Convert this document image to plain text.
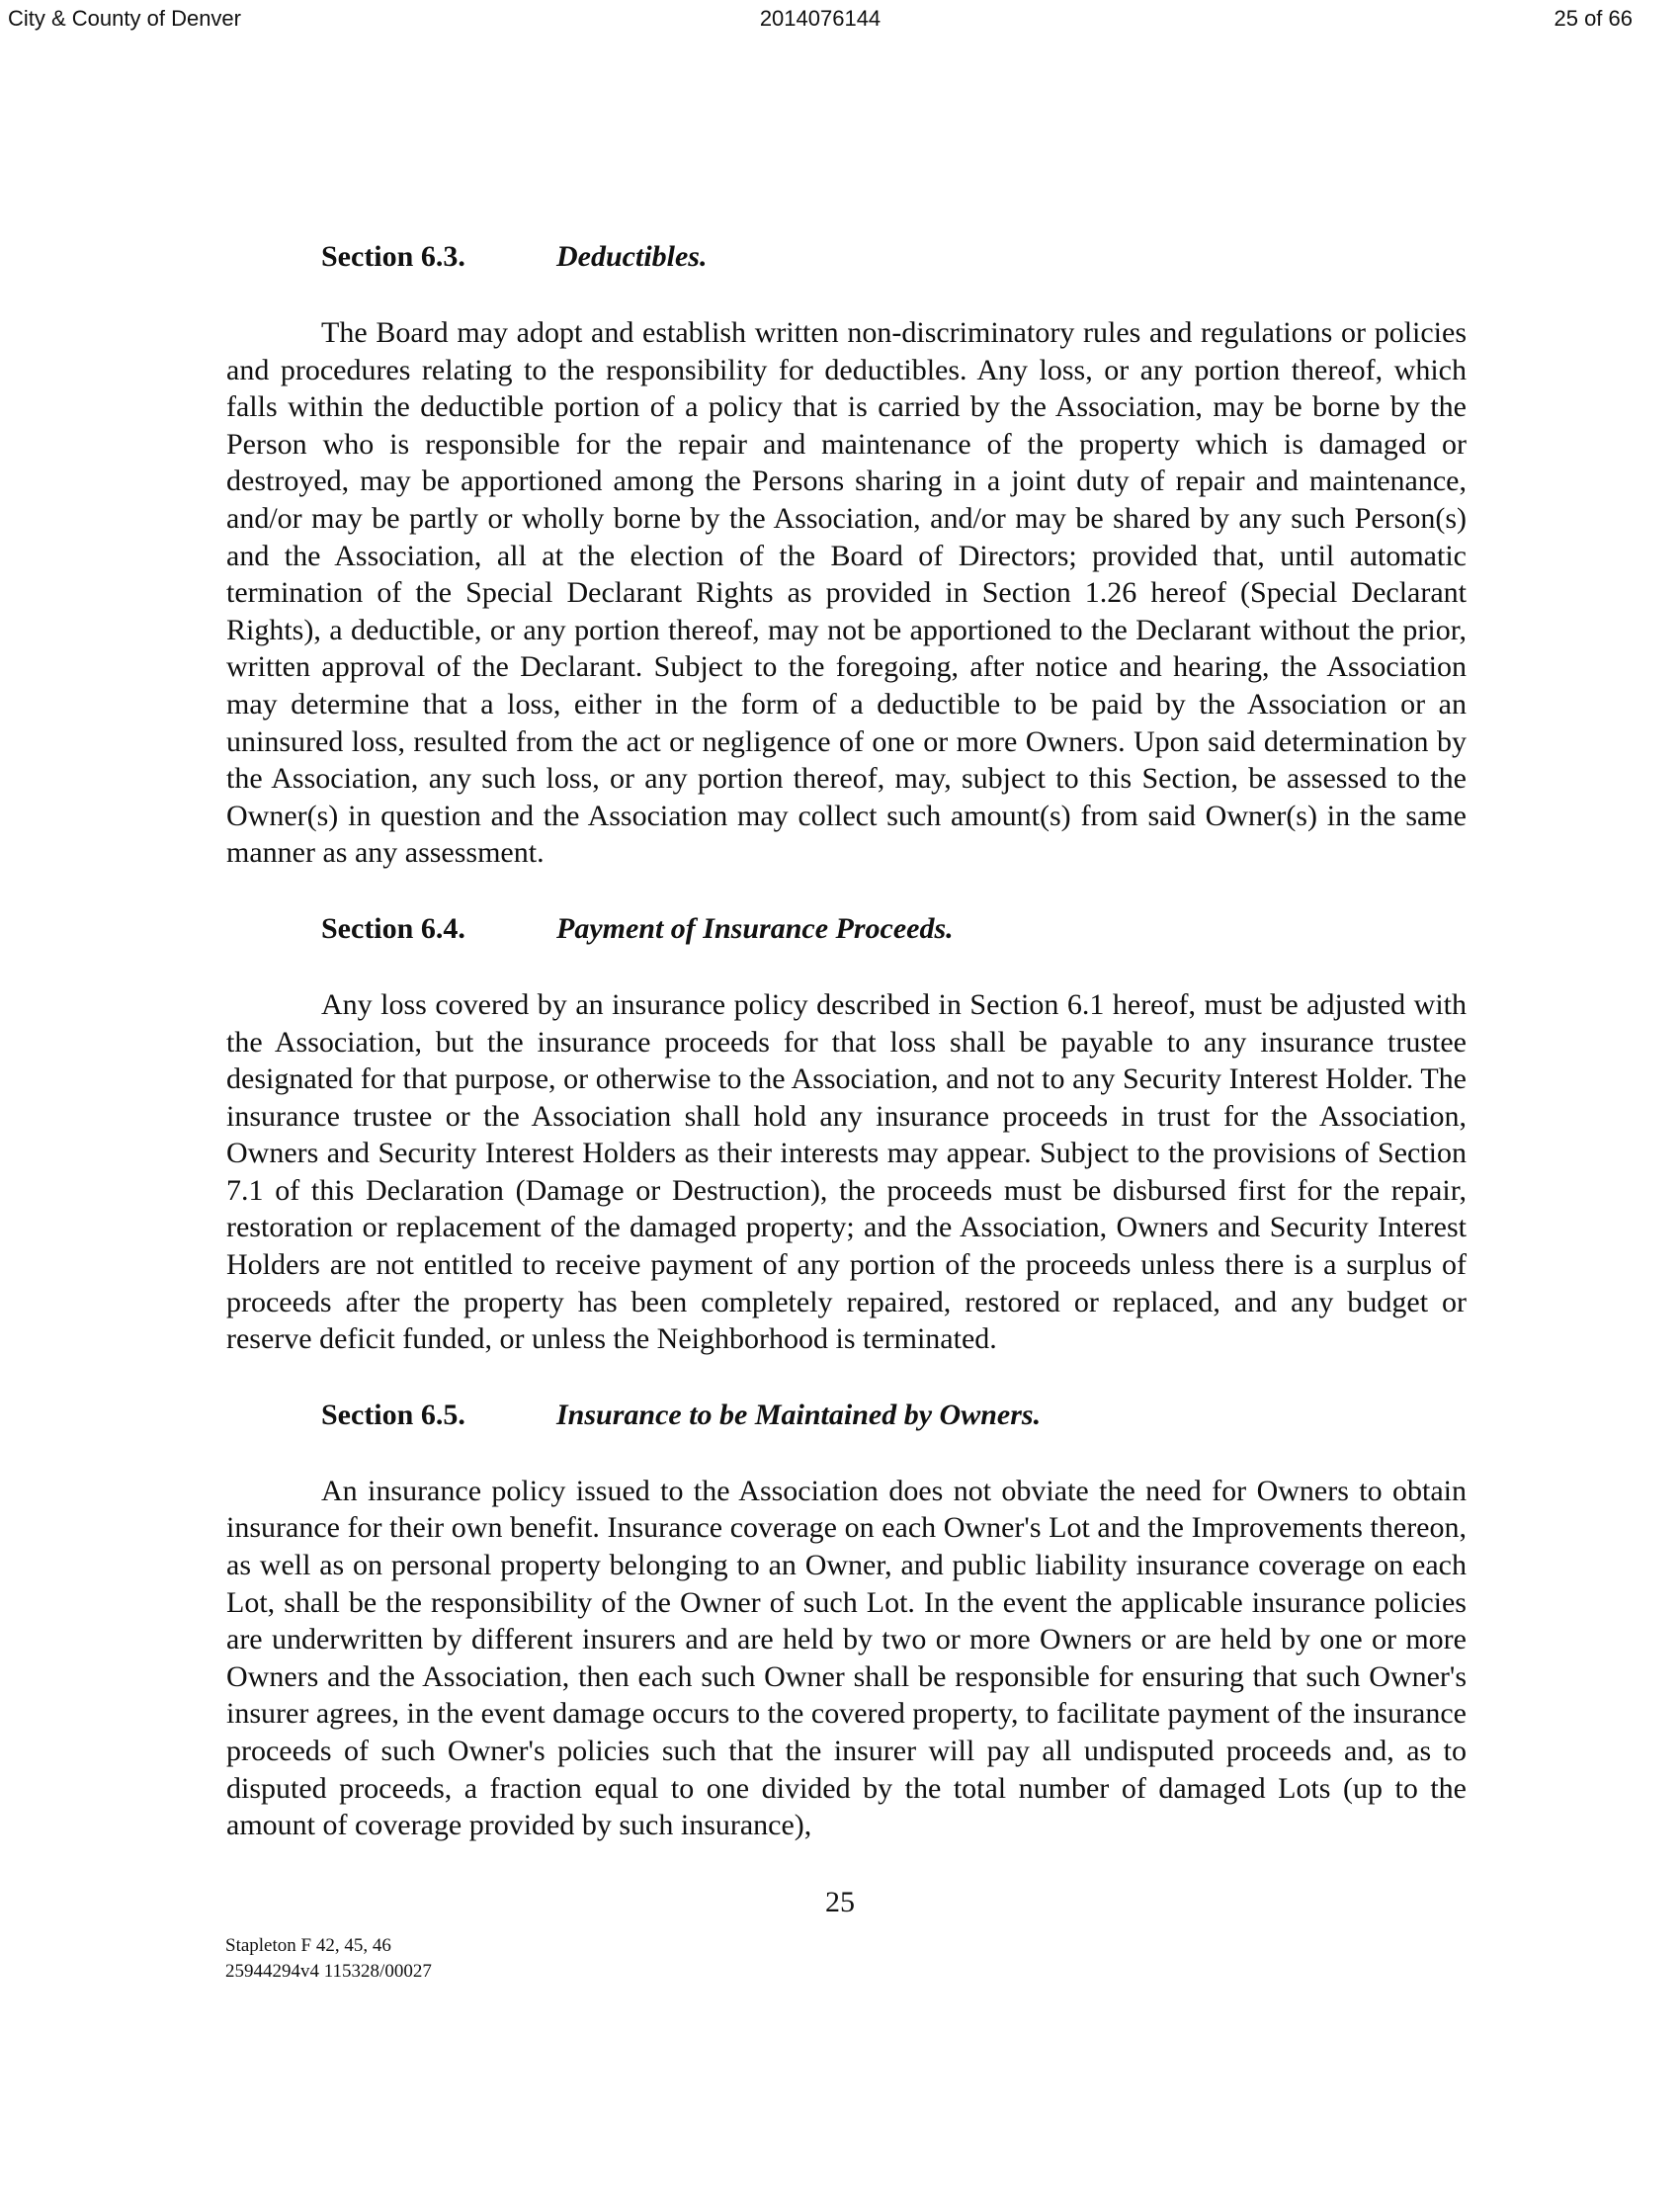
City & County of Denver	2014076144	25 of 66
Section 6.3.	Deductibles.

The Board may adopt and establish written non-discriminatory rules and regulations or policies and procedures relating to the responsibility for deductibles. Any loss, or any portion thereof, which falls within the deductible portion of a policy that is carried by the Association, may be borne by the Person who is responsible for the repair and maintenance of the property which is damaged or destroyed, may be apportioned among the Persons sharing in a joint duty of repair and maintenance, and/or may be partly or wholly borne by the Association, and/or may be shared by any such Person(s) and the Association, all at the election of the Board of Directors; provided that, until automatic termination of the Special Declarant Rights as provided in Section 1.26 hereof (Special Declarant Rights), a deductible, or any portion thereof, may not be apportioned to the Declarant without the prior, written approval of the Declarant. Subject to the foregoing, after notice and hearing, the Association may determine that a loss, either in the form of a deductible to be paid by the Association or an uninsured loss, resulted from the act or negligence of one or more Owners. Upon said determination by the Association, any such loss, or any portion thereof, may, subject to this Section, be assessed to the Owner(s) in question and the Association may collect such amount(s) from said Owner(s) in the same manner as any assessment.

Section 6.4.	Payment of Insurance Proceeds.

Any loss covered by an insurance policy described in Section 6.1 hereof, must be adjusted with the Association, but the insurance proceeds for that loss shall be payable to any insurance trustee designated for that purpose, or otherwise to the Association, and not to any Security Interest Holder. The insurance trustee or the Association shall hold any insurance proceeds in trust for the Association, Owners and Security Interest Holders as their interests may appear. Subject to the provisions of Section 7.1 of this Declaration (Damage or Destruction), the proceeds must be disbursed first for the repair, restoration or replacement of the damaged property; and the Association, Owners and Security Interest Holders are not entitled to receive payment of any portion of the proceeds unless there is a surplus of proceeds after the property has been completely repaired, restored or replaced, and any budget or reserve deficit funded, or unless the Neighborhood is terminated.

Section 6.5.	Insurance to be Maintained by Owners.

An insurance policy issued to the Association does not obviate the need for Owners to obtain insurance for their own benefit. Insurance coverage on each Owner's Lot and the Improvements thereon, as well as on personal property belonging to an Owner, and public liability insurance coverage on each Lot, shall be the responsibility of the Owner of such Lot. In the event the applicable insurance policies are underwritten by different insurers and are held by two or more Owners or are held by one or more Owners and the Association, then each such Owner shall be responsible for ensuring that such Owner's insurer agrees, in the event damage occurs to the covered property, to facilitate payment of the insurance proceeds of such Owner's policies such that the insurer will pay all undisputed proceeds and, as to disputed proceeds, a fraction equal to one divided by the total number of damaged Lots (up to the amount of coverage provided by such insurance),

25
Stapleton F 42, 45, 46
25944294v4 115328/00027
